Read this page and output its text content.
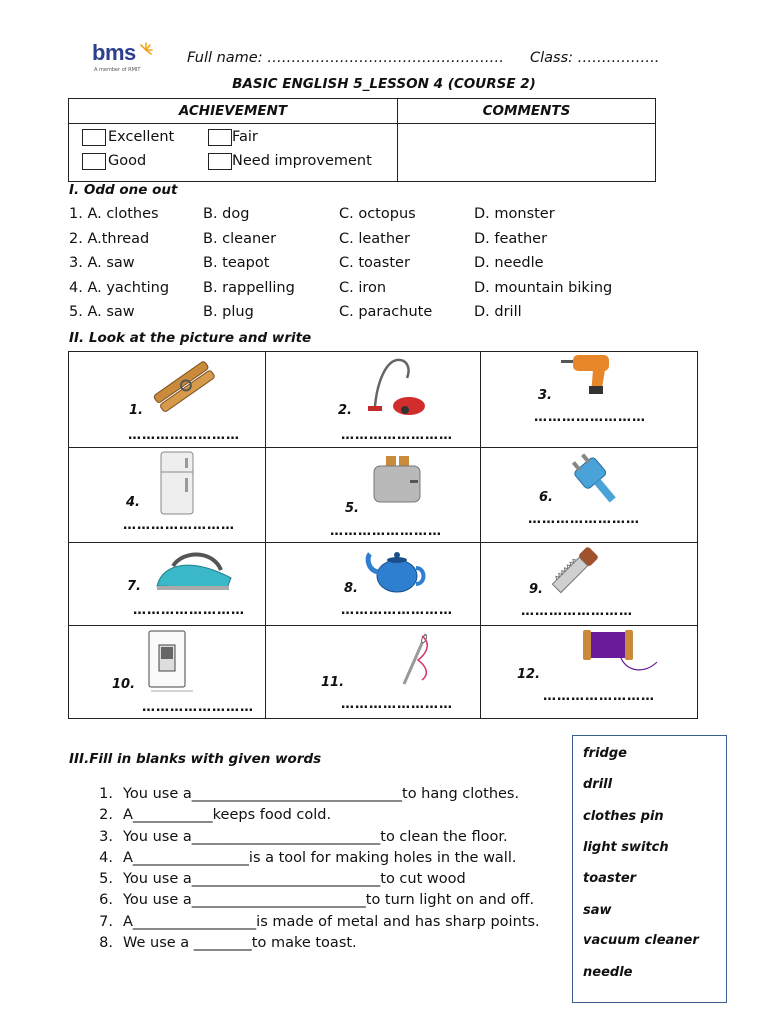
bms
A member of RMIT
Full name: …………………………………………. Class: ……………..
BASIC ENGLISH 5_LESSON 4 (COURSE 2)
ACHIEVEMENT	COMMENTS

Excellent Fair
Good Need improvement	

I. Odd one out
1. A. clothes	B. dog	C. octopus	D. monster
2. A.thread	B. cleaner	C. leather	D. feather
3. A. saw	B. teapot	C. toaster	D. needle
4. A. yachting B. rappelling	C. iron	D. mountain biking
5. A. saw	B. plug	C. parachute	D. drill
II. Look at the picture and write
1.
……………………
2.
……………………
3.
……………………
4.
……………………
5.
……………………
6.
……………………
7.
……………………
8.
……………………
9.
……………………
10.
……………………
11.
……………………
12.
……………………
III.Fill in blanks with given words
1. You use a_____________________________to hang clothes.
2. A___________keeps food cold.
3. You use a__________________________to clean the floor.
4. A________________is a tool for making holes in the wall.
5. You use a__________________________to cut wood
6. You use a________________________to turn light on and off.
7. A_________________is made of metal and has sharp points.
8. We use a ________to make toast.
fridge
drill
clothes pin
light switch
toaster
saw
vacuum cleaner
needle
